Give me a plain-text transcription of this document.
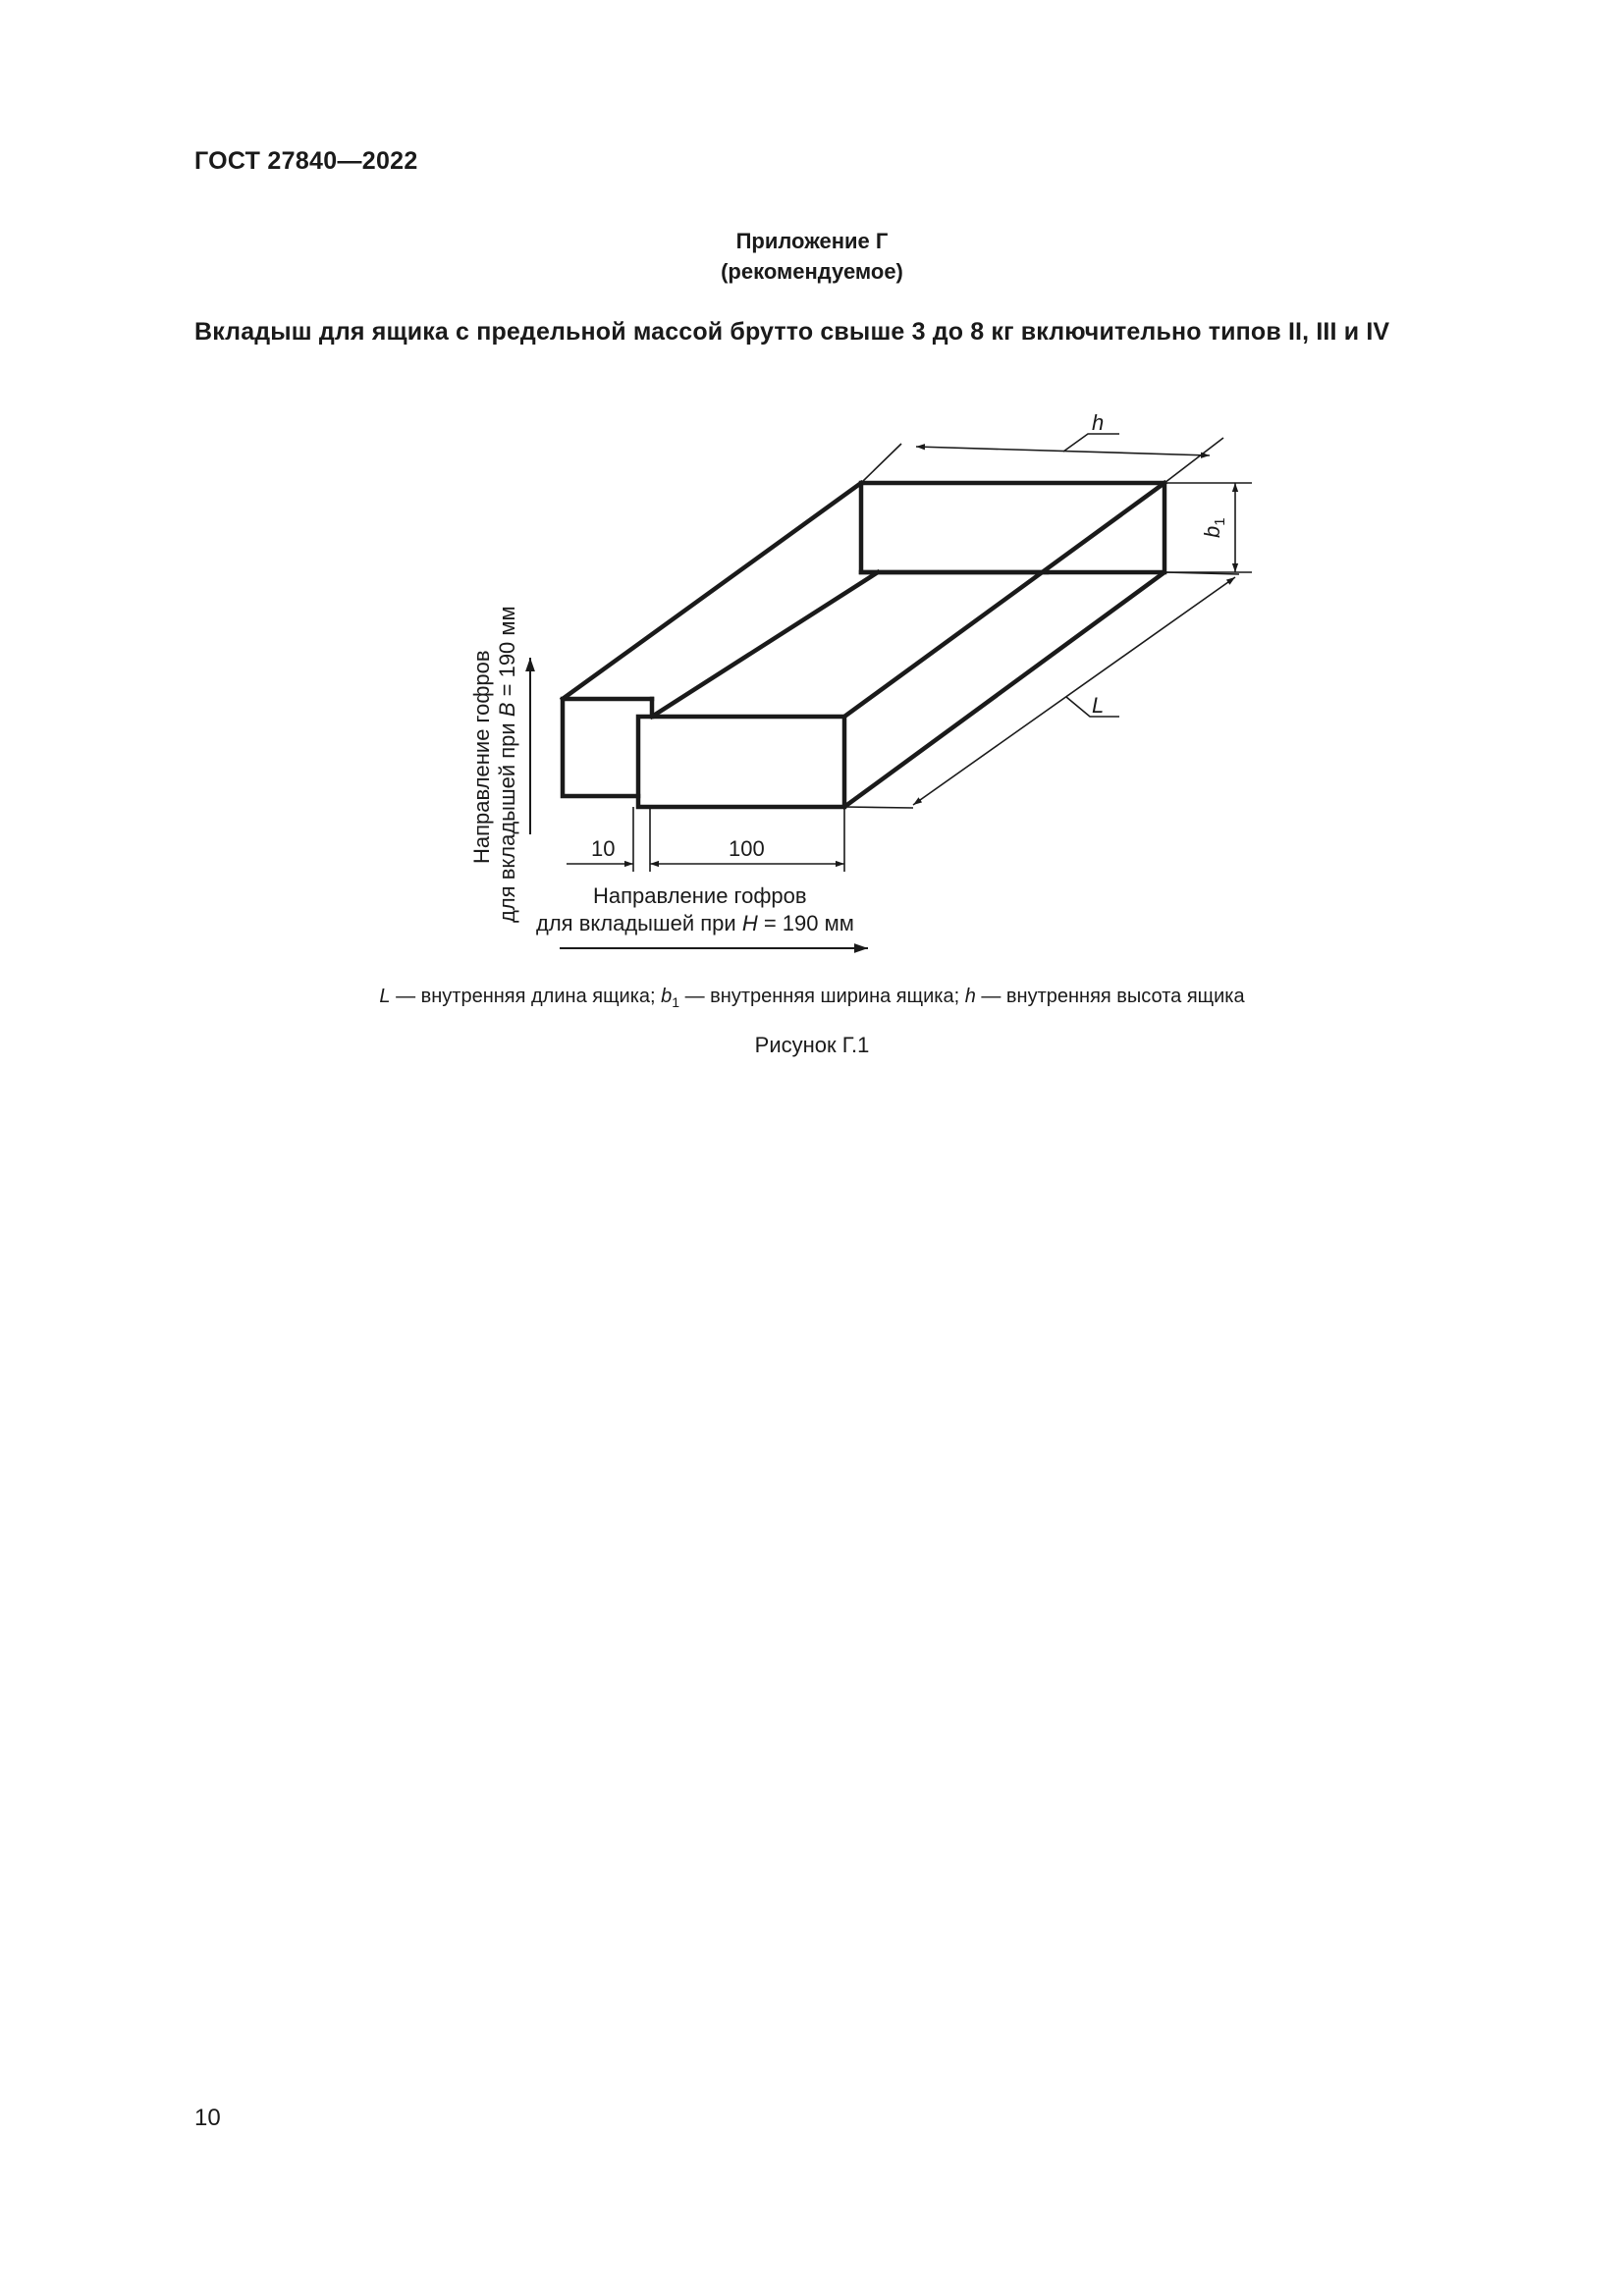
ГОСТ 27840—2022
Приложение Г
(рекомендуемое)
Вкладыш для ящика с предельной массой брутто свыше 3 до 8 кг включительно типов II, III и IV
h
$b_1$
L
10	100
Направление гофров для вкладышей при B = 190 мм
Направление гофров
для вкладышей при H = 190 мм
L — внутренняя длина ящика; $b_1$ — внутренняя ширина ящика; h — внутренняя высота ящика
Рисунок Г.1
10
